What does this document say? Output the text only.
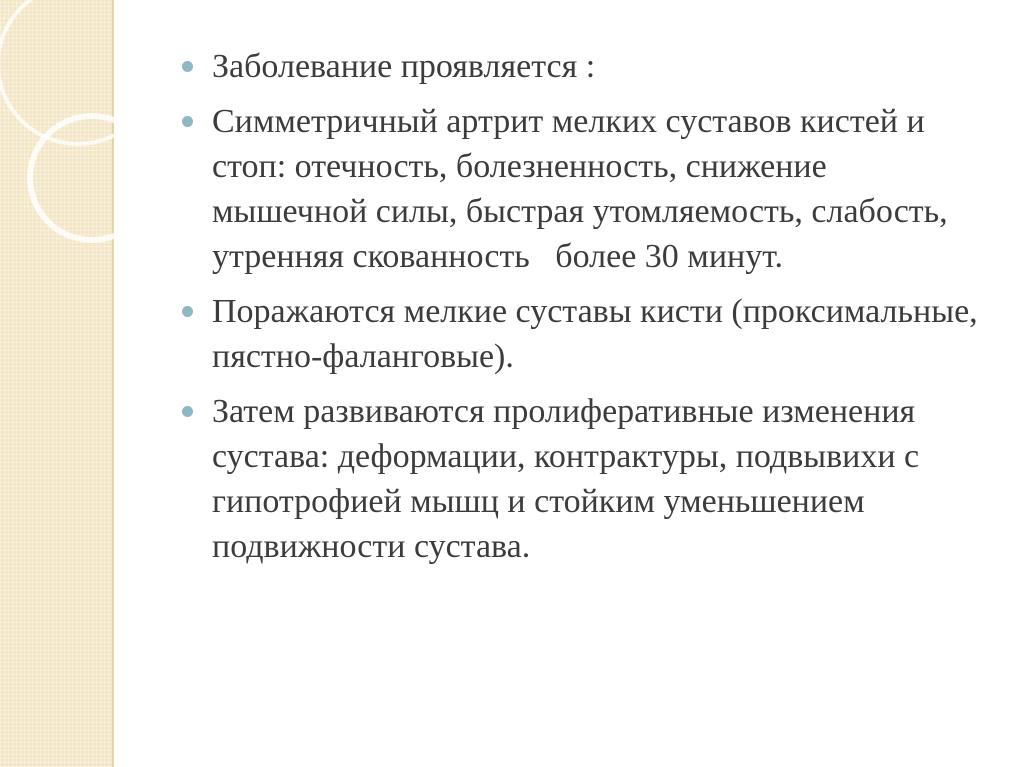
Заболевание проявляется :
Симметричный артрит мелких суставов кистей и стоп: отечность, болезненность, снижение мышечной силы, быстрая утомляемость, слабость, утренняя скованность   более 30 минут.
Поражаются мелкие суставы кисти (проксимальные, пястно-фаланговые).
Затем развиваются пролиферативные изменения сустава: деформации, контрактуры, подвывихи с гипотрофией мышц и стойким уменьшением подвижности сустава.
